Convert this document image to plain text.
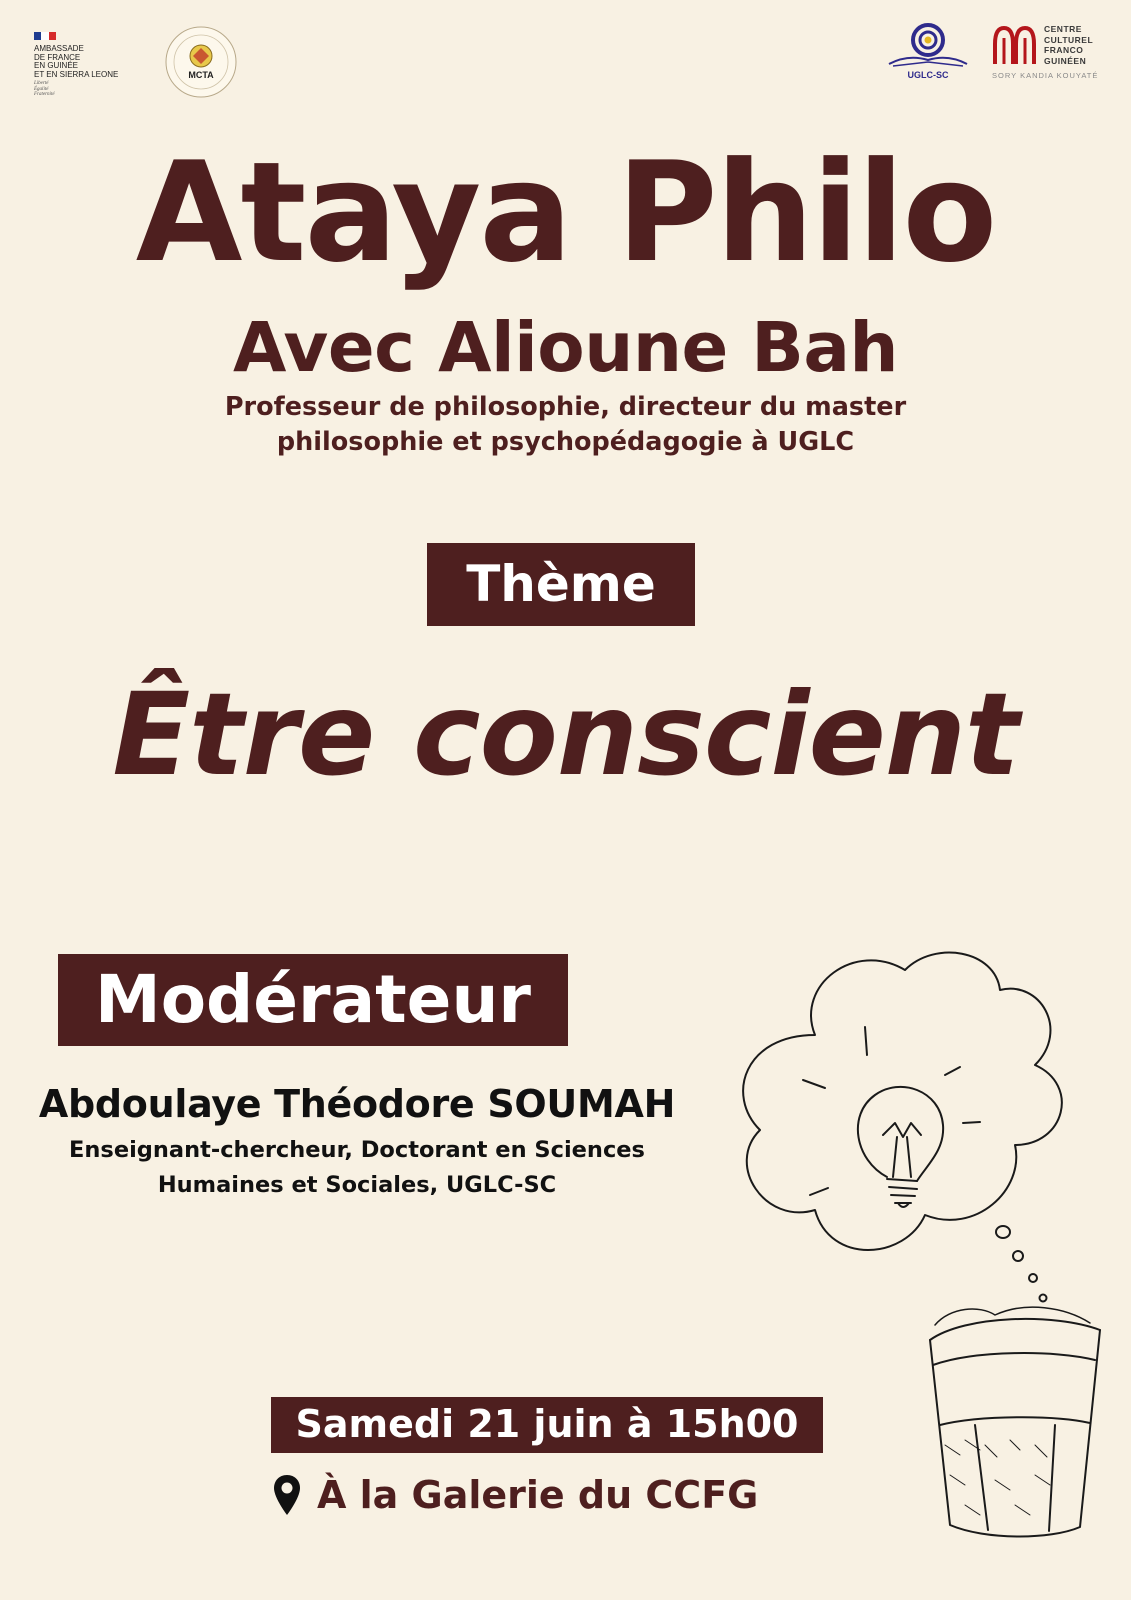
AMBASSADE
DE FRANCE
EN GUINÉE
ET EN SIERRA LEONE
Liberté
Égalité
Fraternité
MCTA	UGLC-SC
CENTRE
CULTUREL
FRANCO
GUINÉEN
SORY KANDIA KOUYATÉ
Ataya Philo
Avec Alioune Bah
Professeur de philosophie, directeur du master
philosophie et psychopédagogie à UGLC
Thème
Être conscient
Modérateur
Abdoulaye Théodore SOUMAH
Enseignant-chercheur, Doctorant en Sciences
Humaines et Sociales, UGLC-SC
Samedi 21 juin à 15h00
À la Galerie du CCFG
